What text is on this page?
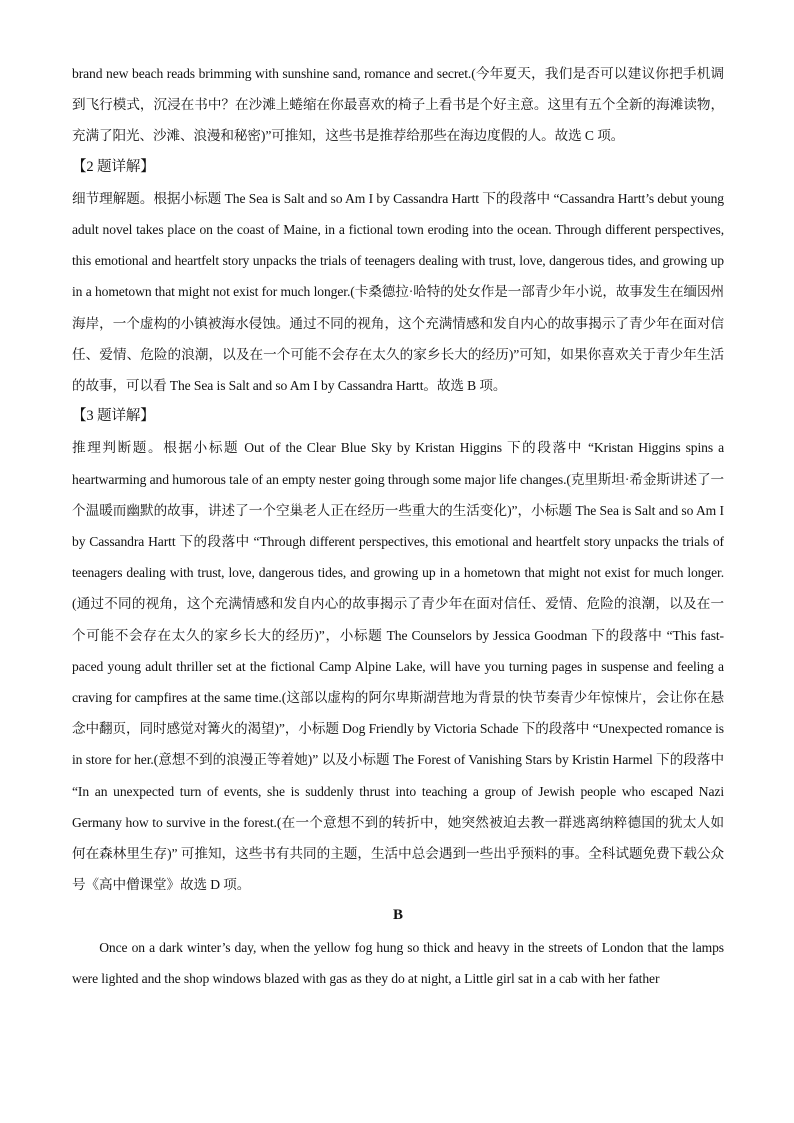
brand new beach reads brimming with sunshine sand, romance and secret.(今年夏天，我们是否可以建议你把手机调到飞行模式，沉浸在书中？在沙滩上蜷缩在你最喜欢的椅子上看书是个好主意。这里有五个全新的海滩读物，充满了阳光、沙滩、浪漫和秘密)”可推知，这些书是推荐给那些在海边度假的人。故选 C 项。

【2 题详解】

细节理解题。根据小标题 The Sea is Salt and so Am I by Cassandra Hartt 下的段落中 “Cassandra Hartt’s debut young adult novel takes place on the coast of Maine, in a fictional town eroding into the ocean. Through different perspectives, this emotional and heartfelt story unpacks the trials of teenagers dealing with trust, love, dangerous tides, and growing up in a hometown that might not exist for much longer.(卡桑德拉·哈特的处女作是一部青少年小说，故事发生在缅因州海岸，一个虚构的小镇被海水侵蚀。通过不同的视角，这个充满情感和发自内心的故事揭示了青少年在面对信任、爱情、危险的浪潮，以及在一个可能不会存在太久的家乡长大的经历)”可知，如果你喜欢关于青少年生活的故事，可以看 The Sea is Salt and so Am I by Cassandra Hartt。故选 B 项。

【3 题详解】

推理判断题。根据小标题 Out of the Clear Blue Sky by Kristan Higgins 下的段落中 “Kristan Higgins spins a heartwarming and humorous tale of an empty nester going through some major life changes.(克里斯坦·希金斯讲述了一个温暖而幽默的故事，讲述了一个空巢老人正在经历一些重大的生活变化)”，小标题 The Sea is Salt and so Am I by Cassandra Hartt 下的段落中 “Through different perspectives, this emotional and heartfelt story unpacks the trials of teenagers dealing with trust, love, dangerous tides, and growing up in a hometown that might not exist for much longer.(通过不同的视角，这个充满情感和发自内心的故事揭示了青少年在面对信任、爱情、危险的浪潮，以及在一个可能不会存在太久的家乡长大的经历)”，小标题 The Counselors by Jessica Goodman 下的段落中 “This fast-paced young adult thriller set at the fictional Camp Alpine Lake, will have you turning pages in suspense and feeling a craving for campfires at the same time.(这部以虚构的阿尔卑斯湖营地为背景的快节奏青少年惊悚片，会让你在悬念中翻页，同时感觉对篝火的渴望)”，小标题 Dog Friendly by Victoria Schade 下的段落中 “Unexpected romance is in store for her.(意想不到的浪漫正等着她)” 以及小标题 The Forest of Vanishing Stars by Kristin Harmel 下的段落中 “In an unexpected turn of events, she is suddenly thrust into teaching a group of Jewish people who escaped Nazi Germany how to survive in the forest.(在一个意想不到的转折中，她突然被迫去教一群逃离纳粹德国的犹太人如何在森林里生存)” 可推知，这些书有共同的主题，生活中总会遇到一些出乎预料的事。全科试题免费下载公众号《高中僧课堂》故选 D 项。

B

Once on a dark winter’s day, when the yellow fog hung so thick and heavy in the streets of London that the lamps were lighted and the shop windows blazed with gas as they do at night, a Little girl sat in a cab with her father
